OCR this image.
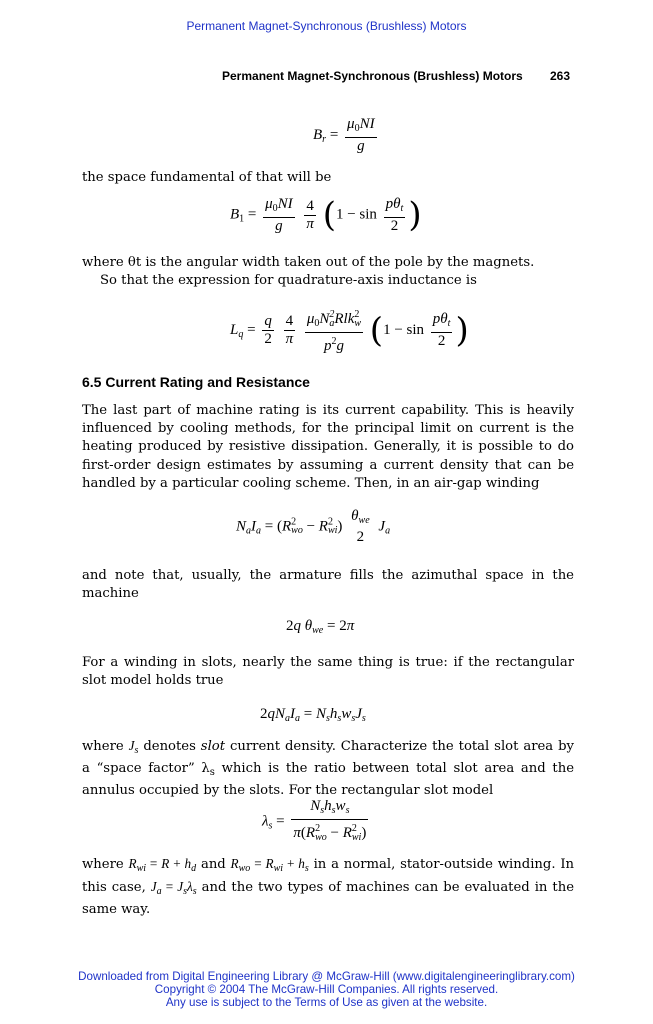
Permanent Magnet-Synchronous (Brushless) Motors
Permanent Magnet-Synchronous (Brushless) Motors 263
$B_r = \frac{\mu_0NI}{g}$
the space fundamental of that will be
$B_1 = \frac{\mu_0NI}{g}$
$\frac{4}{\pi} (1 - \sin \frac{p\theta_t}{2}$ )
where θt is the angular width taken out of the pole by the magnets.
So that the expression for quadrature-axis inductance is
$L_q = \frac{q}{2}$
$\frac{4}{\pi}$
$\frac{\mu_0N^2_aRlk^2_w}{p^2g} (1 - \sin \frac{p\theta_t}{2}$ )
6.5 Current Rating and Resistance
The last part of machine rating is its current capability. This is heavily influenced by cooling methods, for the principal limit on current is the heating produced by resistive dissipation. Generally, it is possible to do first-order design estimates by assuming a current density that can be handled by a particular cooling scheme. Then, in an air-gap winding
$N_aI_a = (R^2_{wo} - R^2_{wi})$
$\theta_{we}$
2
$J_a$
and note that, usually, the armature fills the azimuthal space in the machine
2q $\theta_{we} = 2\pi$
For a winding in slots, nearly the same thing is true: if the rectangular slot model holds true
$2qN_aI_a = N_sh_sw_sJ_s$
where $J_s$ denotes slot current density. Characterize the total slot area by a “space factor” $\lambda_s$ which is the ratio between total slot area and the annulus occupied by the slots. For the rectangular slot model
$\lambda_s = \frac{N_sh_sw_s}{\pi(R^2_{wo} - R^2_{wi})}$
where $R_{wi} = R + h_d$ and $R_{wo} = R_{wi} + h_s$ in a normal, stator-outside winding. In this case, $J_a = J_s\lambda_s$ and the two types of machines can be evaluated in the same way.
Downloaded from Digital Engineering Library @ McGraw-Hill (www.digitalengineeringlibrary.com)
Copyright © 2004 The McGraw-Hill Companies. All rights reserved.
Any use is subject to the Terms of Use as given at the website.
